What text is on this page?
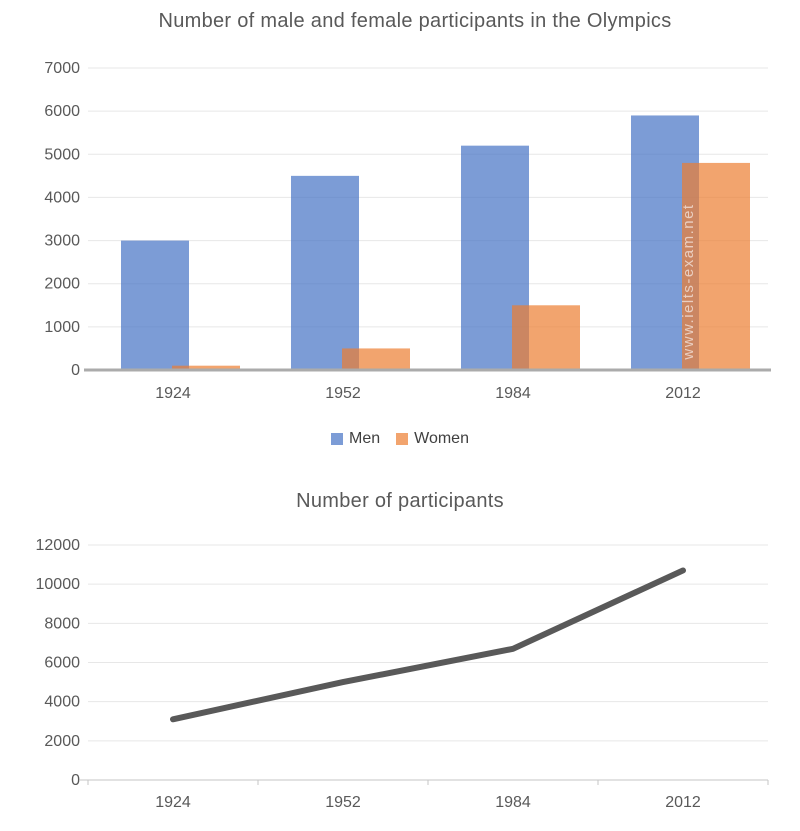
0
1000
2000
3000
4000
5000
6000
7000
1924	1952	1984	2012
0
2000
4000
6000
8000
10000
12000
1924	1952	1984	2012
www.ielts-exam.net
Number of male and female participants in the Olympics
Men Women
Number of participants
